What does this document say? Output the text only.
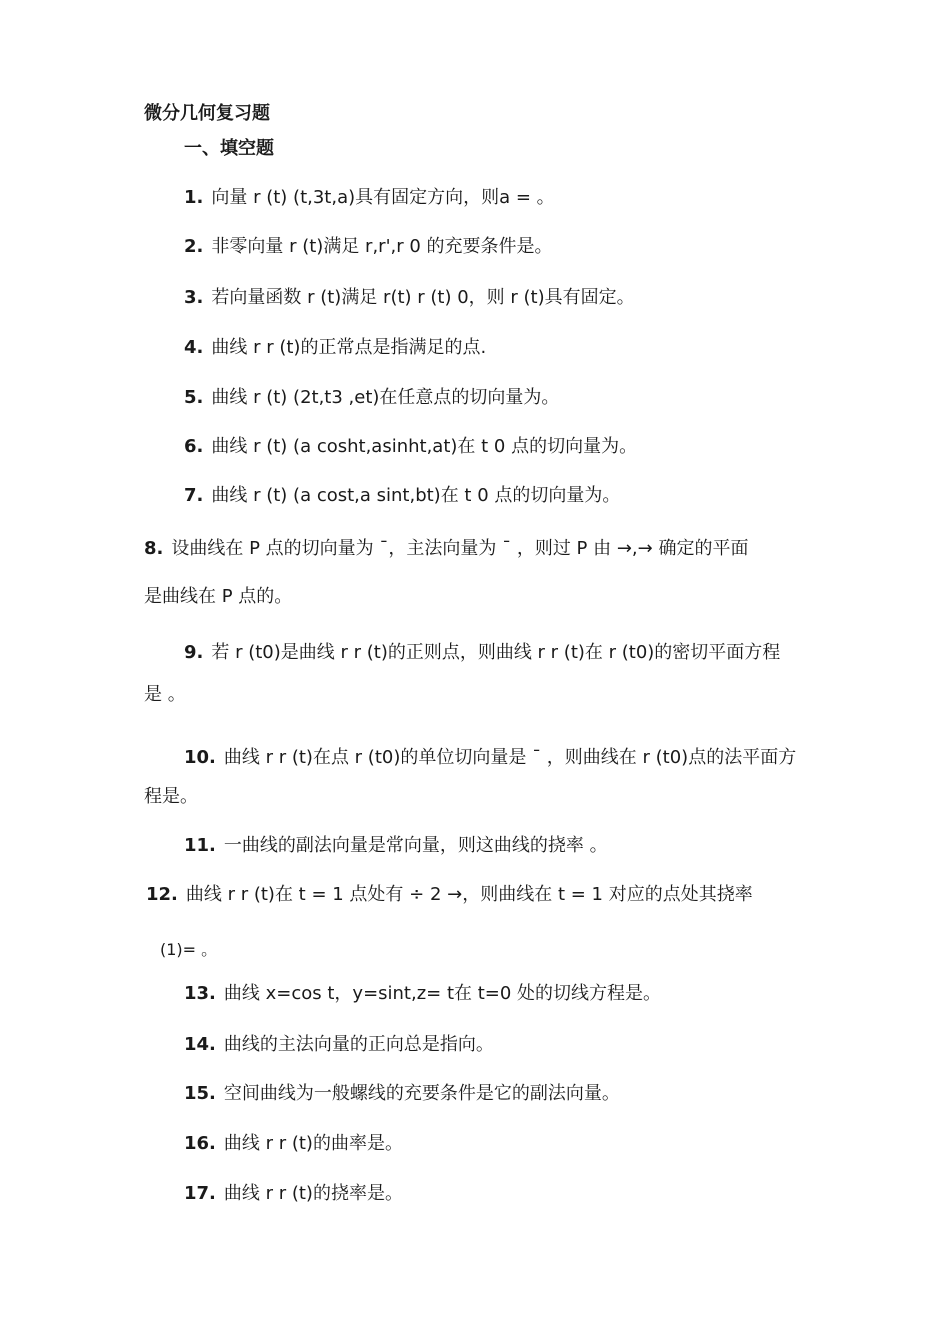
微分几何复习题
一、填空题
1. 向量 r (t) (t,3t,a)具有固定方向，则a = 。
2. 非零向量 r (t)满足 r,r',r 0 的充要条件是。
3. 若向量函数 r (t)满足 r(t) r (t) 0，则 r (t)具有固定。
4. 曲线 r r (t)的正常点是指满足的点.
5. 曲线 r (t) (2t,t3 ,et)在任意点的切向量为。
6. 曲线 r (t) (a cosht,asinht,at)在 t 0 点的切向量为。
7. 曲线 r (t) (a cost,a sint,bt)在 t 0 点的切向量为。
8. 设曲线在 P 点的切向量为 ¯，主法向量为 ¯ ，则过 P 由 →,→ 确定的平面
是曲线在 P 点的。
9. 若 r (t0)是曲线 r r (t)的正则点，则曲线 r r (t)在 r (t0)的密切平面方程
是 。
10. 曲线 r r (t)在点 r (t0)的单位切向量是 ¯ ，则曲线在 r (t0)点的法平面方
程是。
11. 一曲线的副法向量是常向量，则这曲线的挠率 。
12. 曲线 r r (t)在 t = 1 点处有 ÷ 2 →，则曲线在 t = 1 对应的点处其挠率
(1)= 。
13. 曲线 x=cos t，y=sint,z= t在 t=0 处的切线方程是。
14. 曲线的主法向量的正向总是指向。
15. 空间曲线为一般螺线的充要条件是它的副法向量。
16. 曲线 r r (t)的曲率是。
17. 曲线 r r (t)的挠率是。
